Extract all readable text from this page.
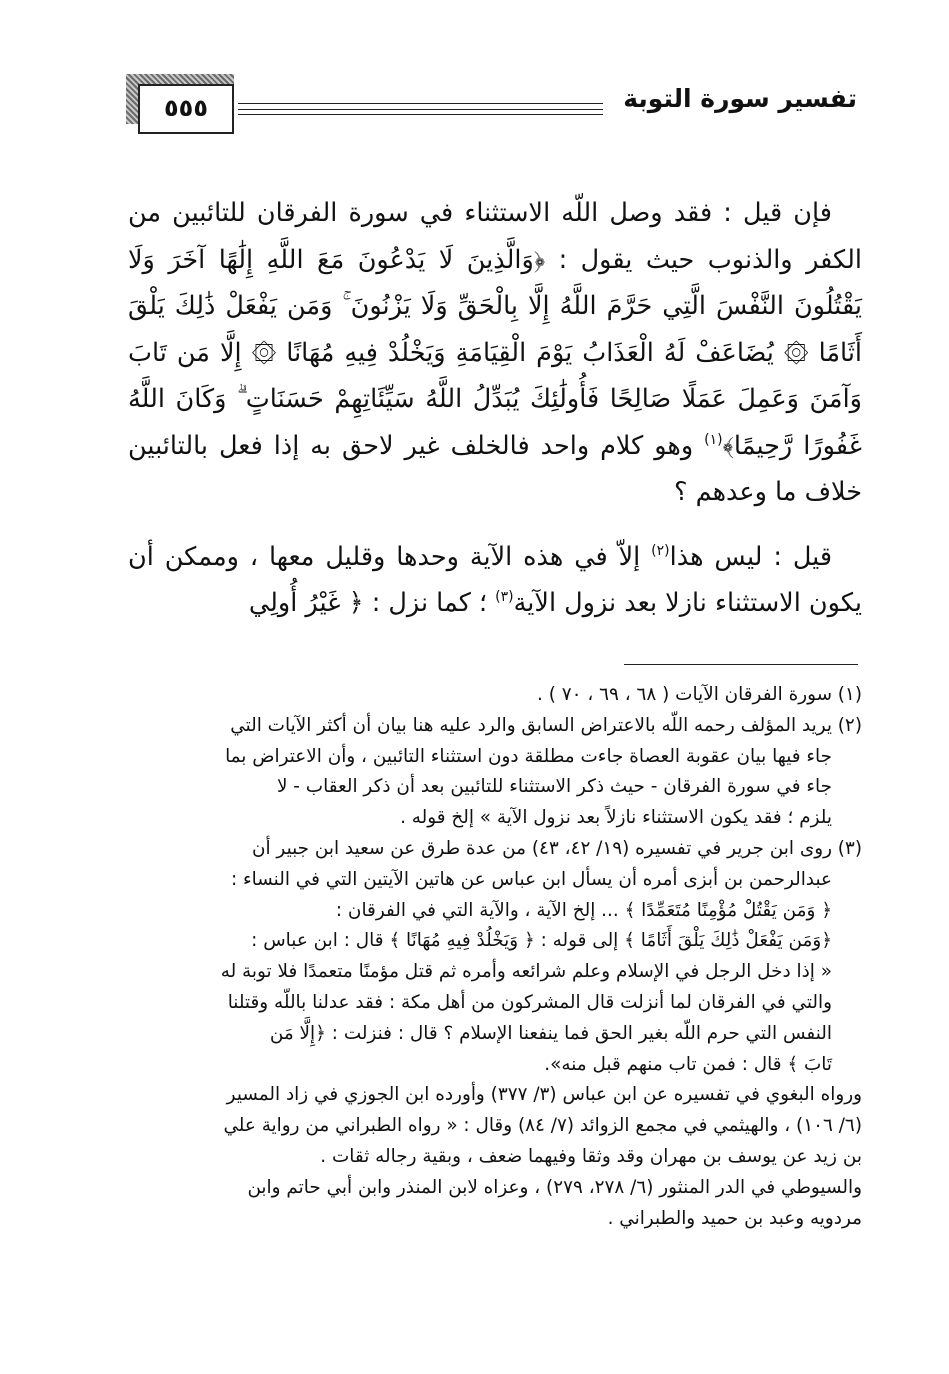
تفسير سورة التوبة
٥٥٥

فإن قيل : فقد وصل اللّه الاستثناء في سورة الفرقان للتائبين من الكفر والذنوب حيث يقول : ﴿وَالَّذِينَ لَا يَدْعُونَ مَعَ اللَّهِ إِلَٰهًا آخَرَ وَلَا يَقْتُلُونَ النَّفْسَ الَّتِي حَرَّمَ اللَّهُ إِلَّا بِالْحَقِّ وَلَا يَزْنُونَ ۚ وَمَن يَفْعَلْ ذَٰلِكَ يَلْقَ أَثَامًا ۞ يُضَاعَفْ لَهُ الْعَذَابُ يَوْمَ الْقِيَامَةِ وَيَخْلُدْ فِيهِ مُهَانًا ۞ إِلَّا مَن تَابَ وَآمَنَ وَعَمِلَ عَمَلًا صَالِحًا فَأُولَٰئِكَ يُبَدِّلُ اللَّهُ سَيِّئَاتِهِمْ حَسَنَاتٍ ۗ وَكَانَ اللَّهُ غَفُورًا رَّحِيمًا﴾$^{(١)}$ وهو كلام واحد فالخلف غير لاحق به إذا فعل بالتائبين خلاف ما وعدهم ؟

قيل : ليس هذا$^{(٢)}$ إلاّ في هذه الآية وحدها وقليل معها ، وممكن أن يكون الاستثناء نازلا بعد نزول الآية$^{(٣)}$ ؛ كما نزل : ﴿ غَيْرُ أُولِي

(١)سورة الفرقان الآيات ( ٦٨ ، ٦٩ ، ٧٠ ) .

(٢)يريد المؤلف رحمه اللّه بالاعتراض السابق والرد عليه هنا بيان أن أكثر الآيات التي

جاء فيها بيان عقوبة العصاة جاءت مطلقة دون استثناء التائبين ، وأن الاعتراض بما

جاء في سورة الفرقان - حيث ذكر الاستثناء للتائبين بعد أن ذكر العقاب - لا

يلزم ؛ فقد يكون الاستثناء نازلاً بعد نزول الآية » إلخ قوله .

(٣)روى ابن جرير في تفسيره (١٩/ ٤٢، ٤٣) من عدة طرق عن سعيد ابن جبير أن

عبدالرحمن بن أبزى أمره أن يسأل ابن عباس عن هاتين الآيتين التي في النساء :

﴿ وَمَن يَقْتُلْ مُؤْمِنًا مُتَعَمِّدًا ﴾ ... إلخ الآية ، والآية التي في الفرقان :

﴿وَمَن يَفْعَلْ ذَٰلِكَ يَلْقَ أَثَامًا ﴾ إلى قوله : ﴿ وَيَخْلُدْ فِيهِ مُهَانًا ﴾ قال : ابن عباس :

« إذا دخل الرجل في الإسلام وعلم شرائعه وأمره ثم قتل مؤمنًا متعمدًا فلا توبة له

والتي في الفرقان لما أنزلت قال المشركون من أهل مكة : فقد عدلنا باللّه وقتلنا

النفس التي حرم اللّه بغير الحق فما ينفعنا الإسلام ؟ قال : فنزلت : ﴿إِلَّا مَن

تَابَ ﴾ قال : فمن تاب منهم قبل منه».

ورواه البغوي في تفسيره عن ابن عباس (٣/ ٣٧٧) وأورده ابن الجوزي في زاد المسير

(٦/ ١٠٦) ، والهيثمي في مجمع الزوائد (٧/ ٨٤) وقال : « رواه الطبراني من رواية علي

بن زيد عن يوسف بن مهران وقد وثقا وفيهما ضعف ، وبقية رجاله ثقات .

والسيوطي في الدر المنثور (٦/ ٢٧٨، ٢٧٩) ، وعزاه لابن المنذر وابن أبي حاتم وابن

مردويه وعبد بن حميد والطبراني .
